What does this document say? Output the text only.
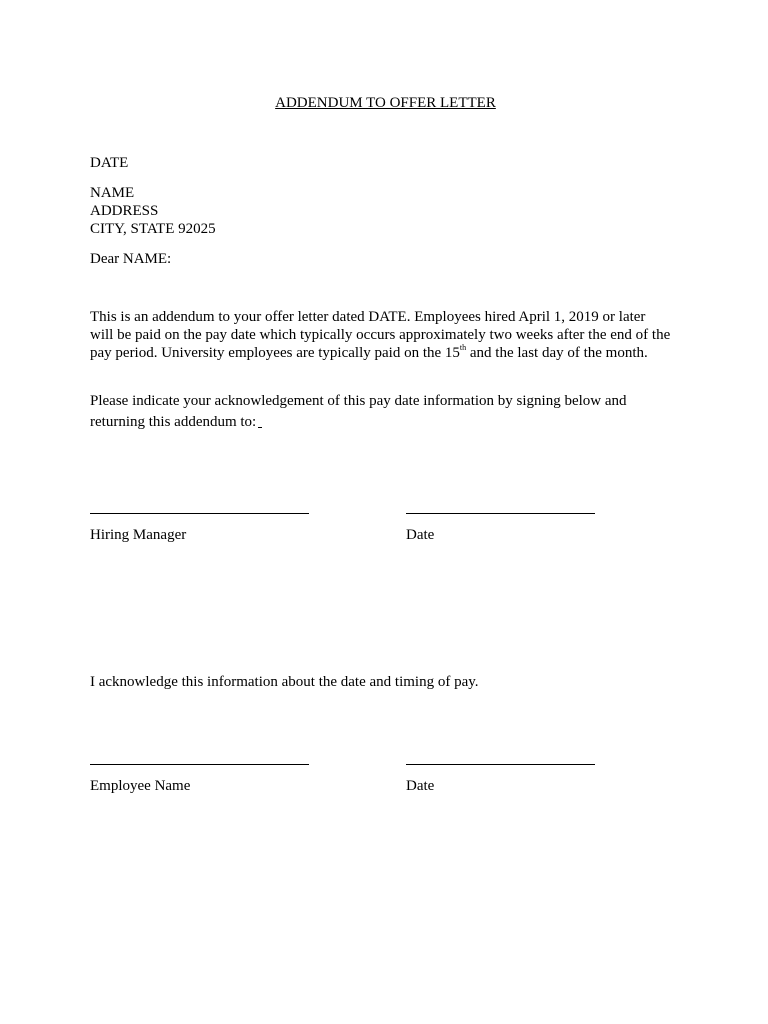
ADDENDUM TO OFFER LETTER
DATE
NAME
ADDRESS
CITY, STATE 92025
Dear NAME:
This is an addendum to your offer letter dated DATE. Employees hired April 1, 2019 or later
will be paid on the pay date which typically occurs approximately two weeks after the end of the
pay period. University employees are typically paid on the 15th and the last day of the month.
Please indicate your acknowledgement of this pay date information by signing below and
returning this addendum to:
Hiring Manager	Date
I acknowledge this information about the date and timing of pay.
Employee Name	Date
